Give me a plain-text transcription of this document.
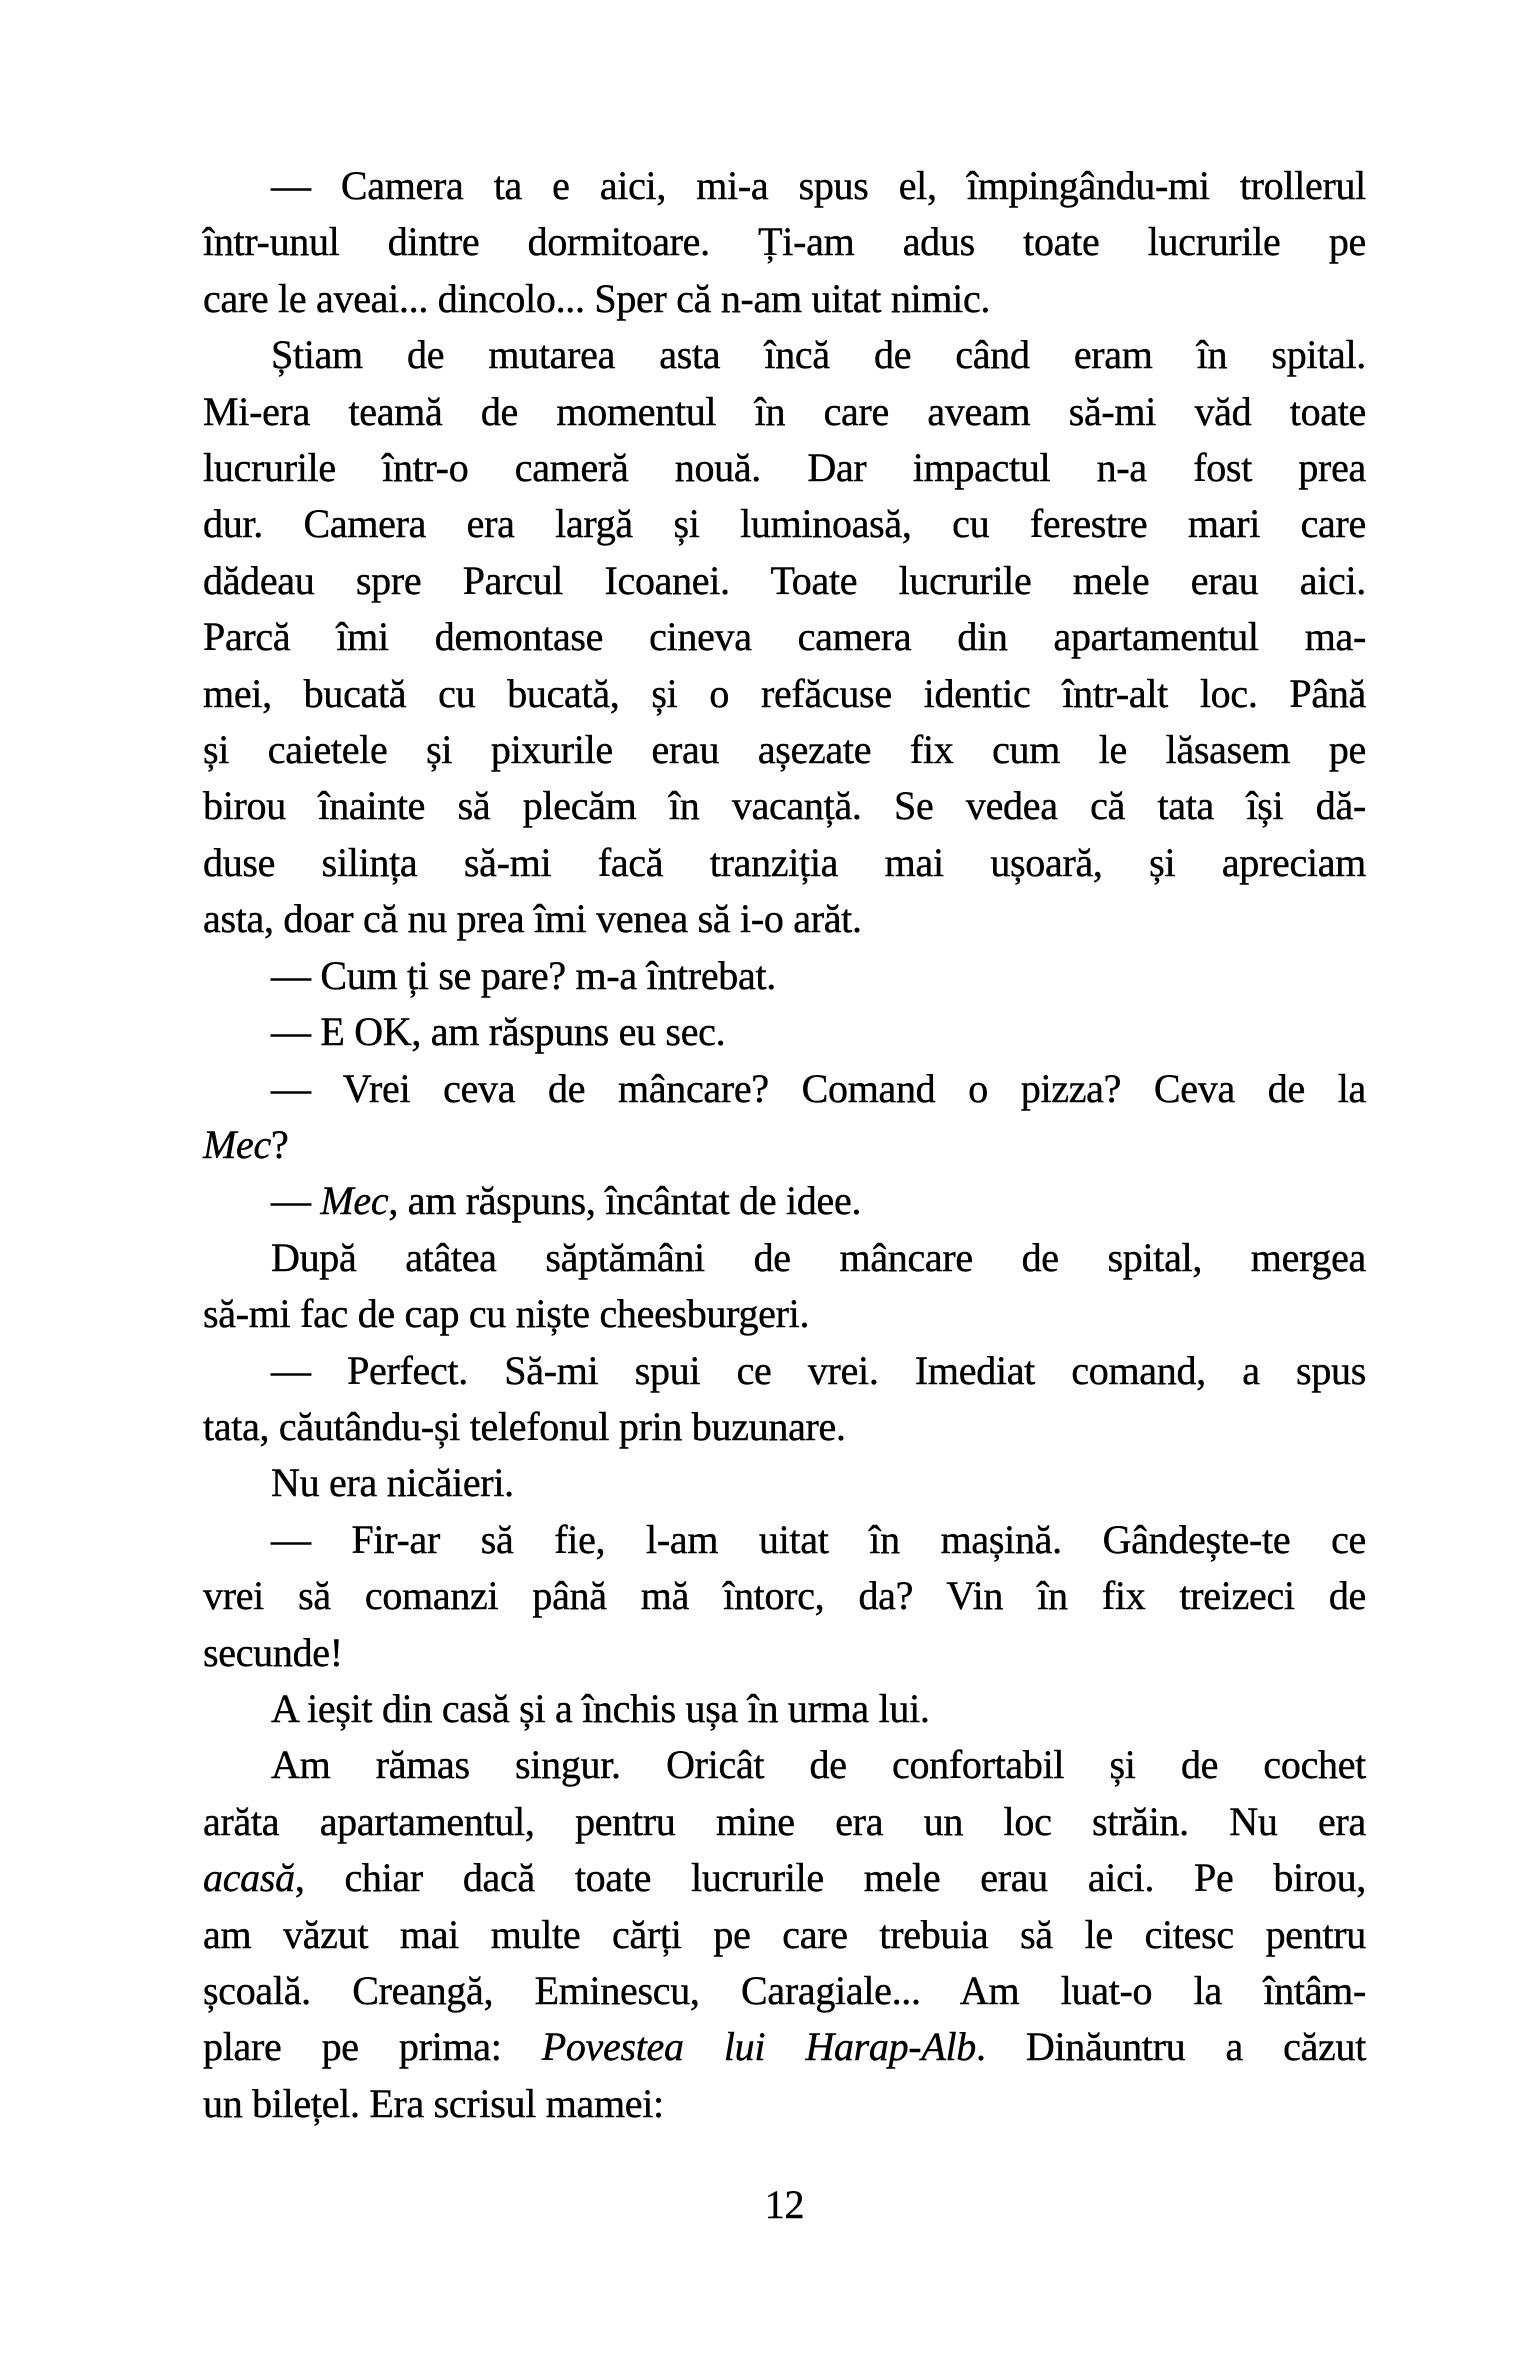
— Camera ta e aici, mi-a spus el, împingându-mi trollerul
într-unul dintre dormitoare. Ți-am adus toate lucrurile pe
care le aveai... dincolo... Sper că n-am uitat nimic.
Știam de mutarea asta încă de când eram în spital.
Mi-era teamă de momentul în care aveam să-mi văd toate
lucrurile într-o cameră nouă. Dar impactul n-a fost prea
dur. Camera era largă și luminoasă, cu ferestre mari care
dădeau spre Parcul Icoanei. Toate lucrurile mele erau aici.
Parcă îmi demontase cineva camera din apartamentul ma-
mei, bucată cu bucată, și o refăcuse identic într-alt loc. Până
și caietele și pixurile erau așezate fix cum le lăsasem pe
birou înainte să plecăm în vacanță. Se vedea că tata își dă-
duse silința să-mi facă tranziția mai ușoară, și apreciam
asta, doar că nu prea îmi venea să i-o arăt.
— Cum ți se pare? m-a întrebat.
— E OK, am răspuns eu sec.
— Vrei ceva de mâncare? Comand o pizza? Ceva de la
Mec?
— Mec, am răspuns, încântat de idee.
După atâtea săptămâni de mâncare de spital, mergea
să-mi fac de cap cu niște cheesburgeri.
— Perfect. Să-mi spui ce vrei. Imediat comand, a spus
tata, căutându-și telefonul prin buzunare.
Nu era nicăieri.
— Fir-ar să fie, l-am uitat în mașină. Gândește-te ce
vrei să comanzi până mă întorc, da? Vin în fix treizeci de
secunde!
A ieșit din casă și a închis ușa în urma lui.
Am rămas singur. Oricât de confortabil și de cochet
arăta apartamentul, pentru mine era un loc străin. Nu era
acasă, chiar dacă toate lucrurile mele erau aici. Pe birou,
am văzut mai multe cărți pe care trebuia să le citesc pentru
școală. Creangă, Eminescu, Caragiale... Am luat-o la întâm-
plare pe prima: Povestea lui Harap-Alb. Dinăuntru a căzut
un bilețel. Era scrisul mamei:
12
